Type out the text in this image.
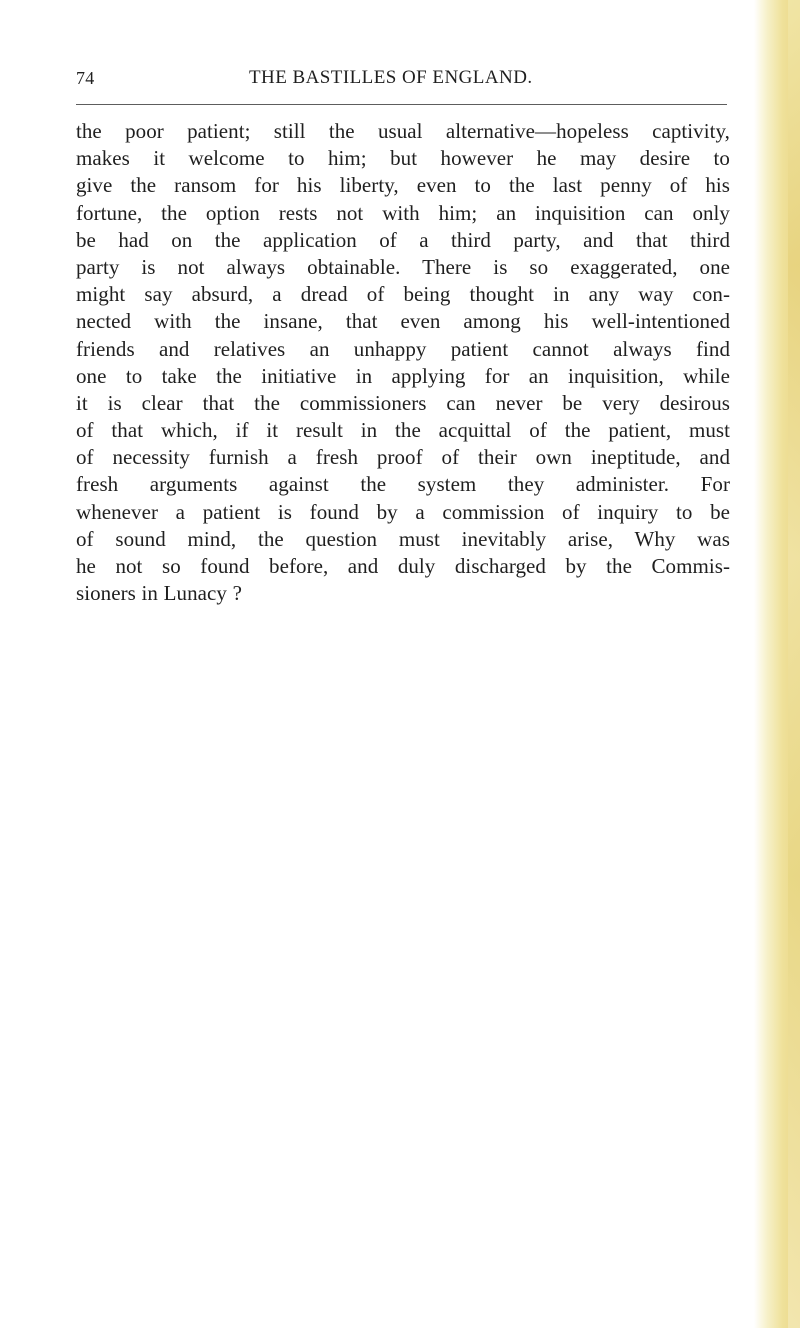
74	THE BASTILLES OF ENGLAND.
the poor patient; still the usual alternative—hopeless captivity,
makes it welcome to him; but however he may desire to
give the ransom for his liberty, even to the last penny of his
fortune, the option rests not with him; an inquisition can only
be had on the application of a third party, and that third
party is not always obtainable. There is so exaggerated, one
might say absurd, a dread of being thought in any way con-
nected with the insane, that even among his well-intentioned
friends and relatives an unhappy patient cannot always find
one to take the initiative in applying for an inquisition, while
it is clear that the commissioners can never be very desirous
of that which, if it result in the acquittal of the patient, must
of necessity furnish a fresh proof of their own ineptitude, and
fresh arguments against the system they administer. For
whenever a patient is found by a commission of inquiry to be
of sound mind, the question must inevitably arise, Why was
he not so found before, and duly discharged by the Commis-
sioners in Lunacy ?
